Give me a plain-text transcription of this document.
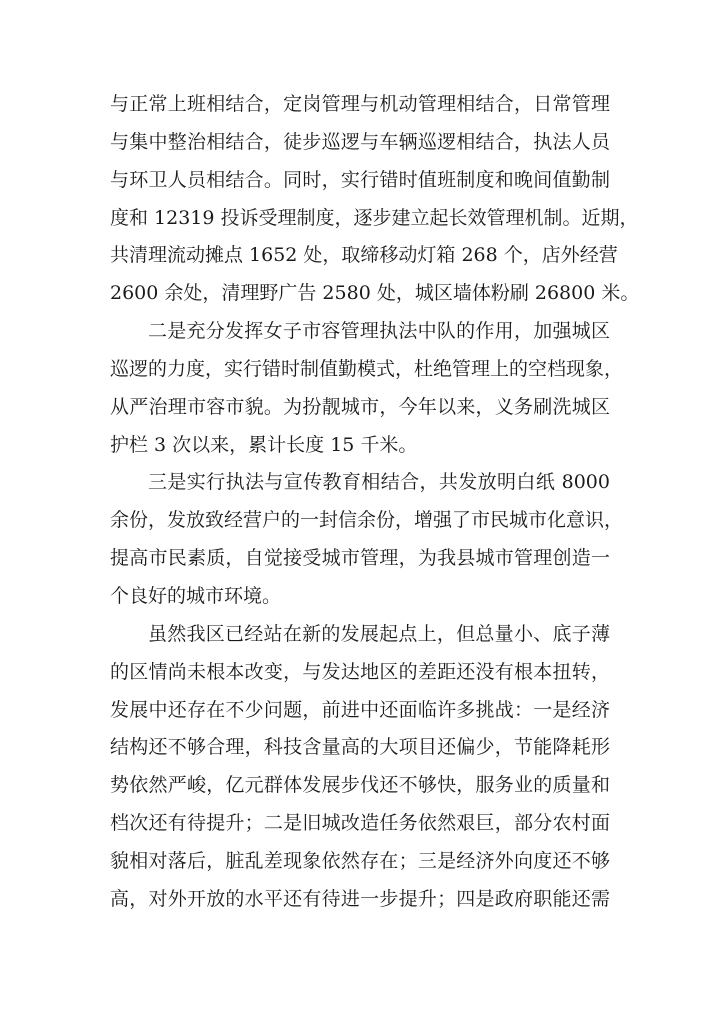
与正常上班相结合，定岗管理与机动管理相结合，日常管理
与集中整治相结合，徒步巡逻与车辆巡逻相结合，执法人员
与环卫人员相结合。同时，实行错时值班制度和晚间值勤制
度和 12319 投诉受理制度，逐步建立起长效管理机制。近期，
共清理流动摊点 1652 处，取缔移动灯箱 268 个，店外经营
2600 余处，清理野广告 2580 处，城区墙体粉刷 26800 米。
二是充分发挥女子市容管理执法中队的作用，加强城区
巡逻的力度，实行错时制值勤模式，杜绝管理上的空档现象，
从严治理市容市貌。为扮靓城市，今年以来，义务刷洗城区
护栏 3 次以来，累计长度 15 千米。
三是实行执法与宣传教育相结合，共发放明白纸 8000
余份，发放致经营户的一封信余份，增强了市民城市化意识，
提高市民素质，自觉接受城市管理，为我县城市管理创造一
个良好的城市环境。
虽然我区已经站在新的发展起点上，但总量小、底子薄
的区情尚未根本改变，与发达地区的差距还没有根本扭转，
发展中还存在不少问题，前进中还面临许多挑战：一是经济
结构还不够合理，科技含量高的大项目还偏少，节能降耗形
势依然严峻，亿元群体发展步伐还不够快，服务业的质量和
档次还有待提升；二是旧城改造任务依然艰巨，部分农村面
貌相对落后，脏乱差现象依然存在；三是经济外向度还不够
高，对外开放的水平还有待进一步提升；四是政府职能还需
